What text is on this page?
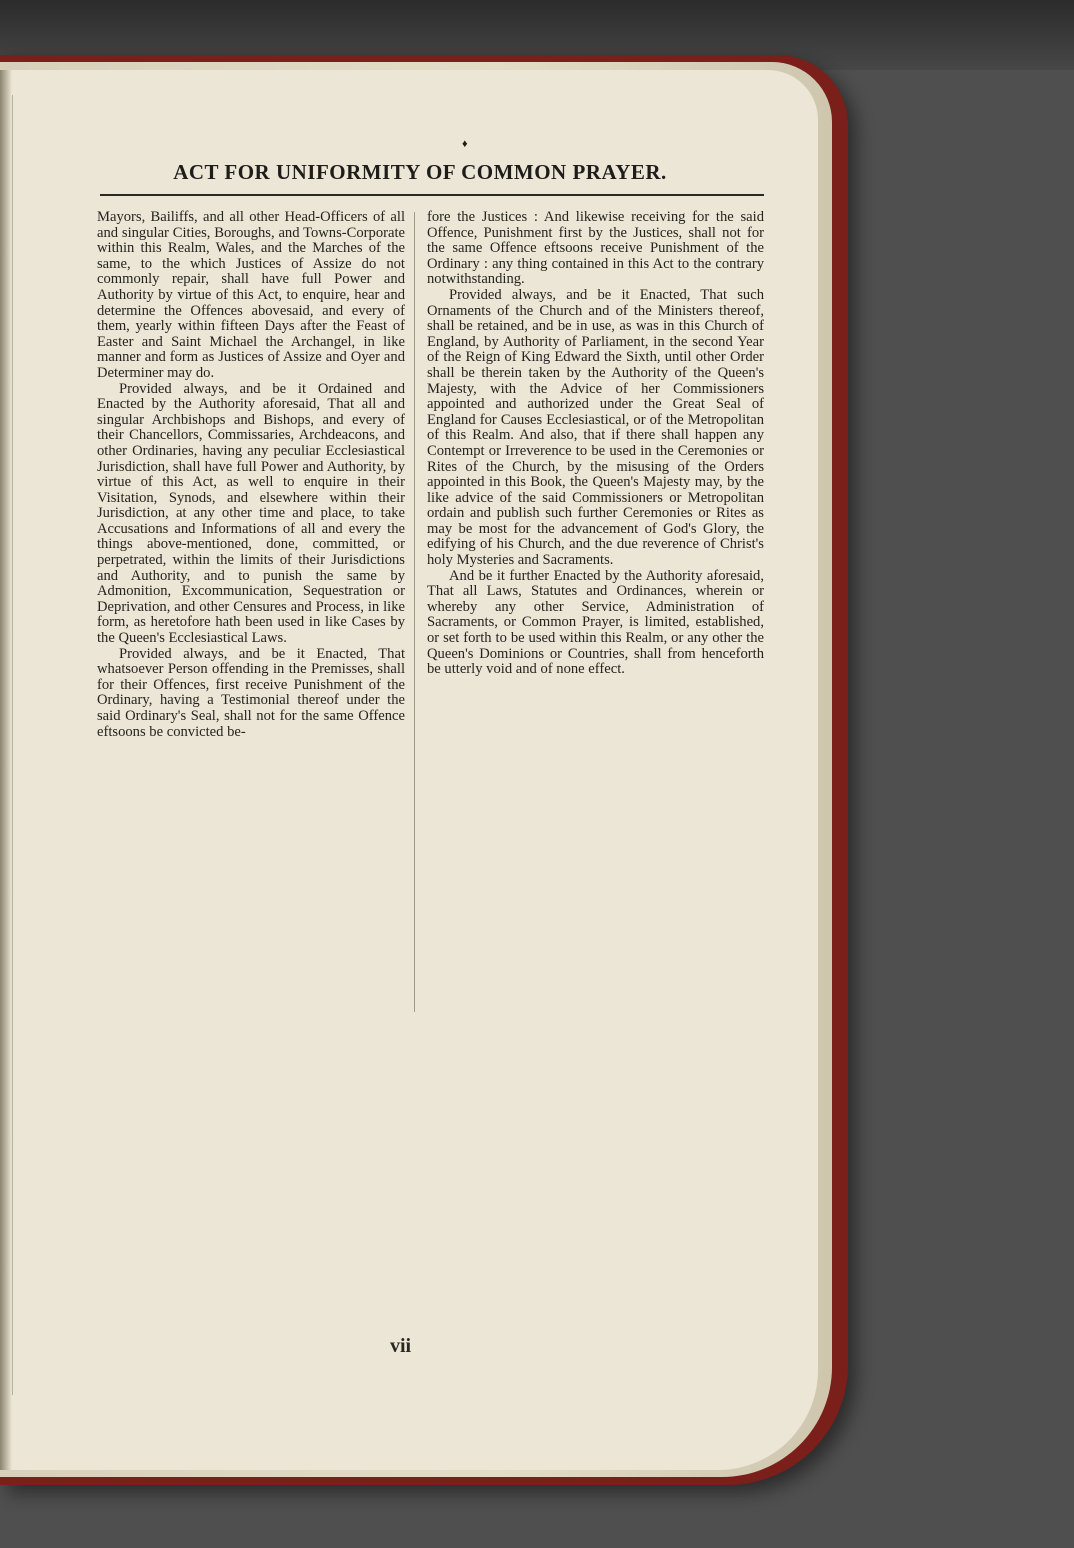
♦
ACT FOR UNIFORMITY OF COMMON PRAYER.

Mayors, Bailiffs, and all other Head-Officers of all and singular Cities, Boroughs, and Towns-Corporate within this Realm, Wales, and the Marches of the same, to the which Justices of Assize do not commonly repair, shall have full Power and Authority by virtue of this Act, to enquire, hear and determine the Offences abovesaid, and every of them, yearly within fifteen Days after the Feast of Easter and Saint Michael the Archangel, in like manner and form as Justices of Assize and Oyer and Determiner may do.

Provided always, and be it Ordained and Enacted by the Authority aforesaid, That all and singular Archbishops and Bishops, and every of their Chancellors, Commissaries, Archdeacons, and other Ordinaries, having any peculiar Ecclesiastical Jurisdiction, shall have full Power and Authority, by virtue of this Act, as well to enquire in their Visitation, Synods, and elsewhere within their Jurisdiction, at any other time and place, to take Accusations and Informations of all and every the things above-mentioned, done, committed, or perpetrated, within the limits of their Jurisdictions and Authority, and to punish the same by Admonition, Excommunication, Sequestration or Deprivation, and other Censures and Process, in like form, as heretofore hath been used in like Cases by the Queen's Ecclesiastical Laws.

Provided always, and be it Enacted, That whatsoever Person offending in the Premisses, shall for their Offences, first receive Punishment of the Ordinary, having a Testimonial thereof under the said Ordinary's Seal, shall not for the same Offence eftsoons be convicted be-

fore the Justices : And likewise receiving for the said Offence, Punishment first by the Justices, shall not for the same Offence eftsoons receive Punishment of the Ordinary : any thing contained in this Act to the contrary notwithstanding.

Provided always, and be it Enacted, That such Ornaments of the Church and of the Ministers thereof, shall be retained, and be in use, as was in this Church of England, by Authority of Parliament, in the second Year of the Reign of King Edward the Sixth, until other Order shall be therein taken by the Authority of the Queen's Majesty, with the Advice of her Commissioners appointed and authorized under the Great Seal of England for Causes Ecclesiastical, or of the Metropolitan of this Realm. And also, that if there shall happen any Contempt or Irreverence to be used in the Ceremonies or Rites of the Church, by the misusing of the Orders appointed in this Book, the Queen's Majesty may, by the like advice of the said Commissioners or Metropolitan ordain and publish such further Ceremonies or Rites as may be most for the advancement of God's Glory, the edifying of his Church, and the due reverence of Christ's holy Mysteries and Sacraments.

And be it further Enacted by the Authority aforesaid, That all Laws, Statutes and Ordinances, wherein or whereby any other Service, Administration of Sacraments, or Common Prayer, is limited, established, or set forth to be used within this Realm, or any other the Queen's Dominions or Countries, shall from henceforth be utterly void and of none effect.

vii
